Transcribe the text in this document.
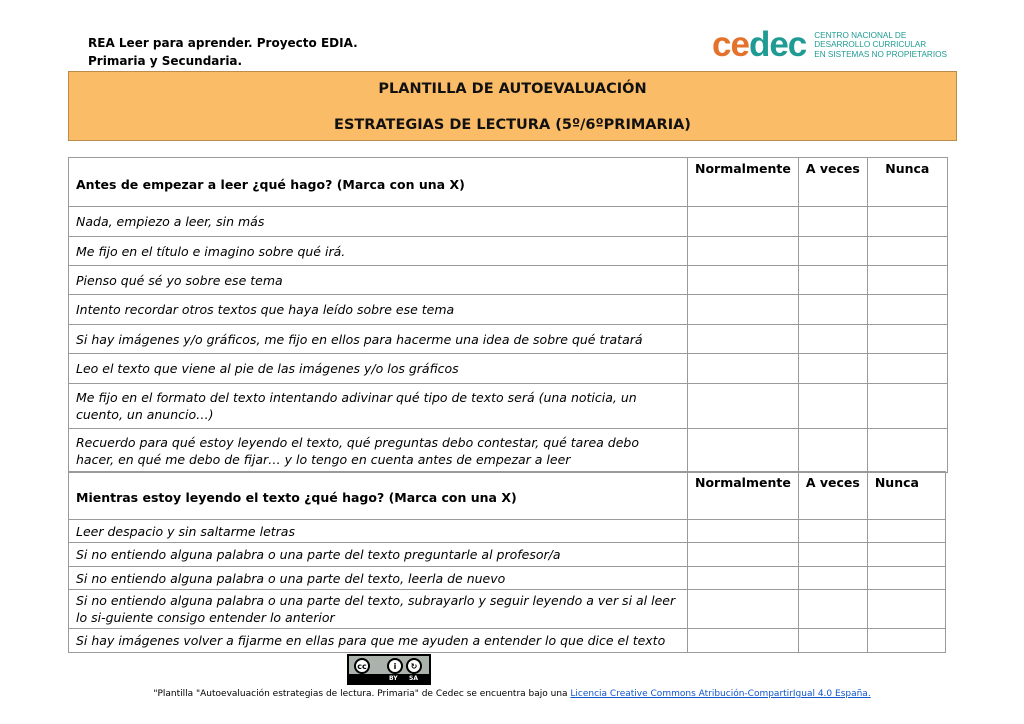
REA Leer para aprender. Proyecto EDIA.
Primaria y Secundaria.	cedec CENTRO NACIONAL DE
DESARROLLO CURRICULAR
EN SISTEMAS NO PROPIETARIOS
PLANTILLA DE AUTOEVALUACIÓN
ESTRATEGIAS DE LECTURA (5º/6ºPRIMARIA)
Antes de empezar a leer ¿qué hago? (Marca con una X)	Normalmente	A veces	Nunca
Nada, empiezo a leer, sin más			
Me fijo en el título e imagino sobre qué irá.			
Pienso qué sé yo sobre ese tema			
Intento recordar otros textos que haya leído sobre ese tema			
Si hay imágenes y/o gráficos, me fijo en ellos para hacerme una idea de sobre qué tratará			
Leo el texto que viene al pie de las imágenes y/o los gráficos			
Me fijo en el formato del texto intentando adivinar qué tipo de texto será (una noticia, un cuento, un anuncio…)			
Recuerdo para qué estoy leyendo el texto, qué preguntas debo contestar, qué tarea debo hacer, en qué me debo de fijar… y lo tengo en cuenta antes de empezar a leer			
Mientras estoy leyendo el texto ¿qué hago? (Marca con una X)	Normalmente	A veces	Nunca
Leer despacio y sin saltarme letras			
Si no entiendo alguna palabra o una parte del texto preguntarle al profesor/a			
Si no entiendo alguna palabra o una parte del texto, leerla de nuevo			
Si no entiendo alguna palabra o una parte del texto, subrayarlo y seguir leyendo a ver si al leer lo si-guiente consigo entender lo anterior			
Si hay imágenes volver a fijarme en ellas para que me ayuden a entender lo que dice el texto			
cc	i	↻
BY SA
"Plantilla "Autoevaluación estrategias de lectura. Primaria" de Cedec se encuentra bajo una Licencia Creative Commons Atribución-CompartirIgual 4.0 España.
